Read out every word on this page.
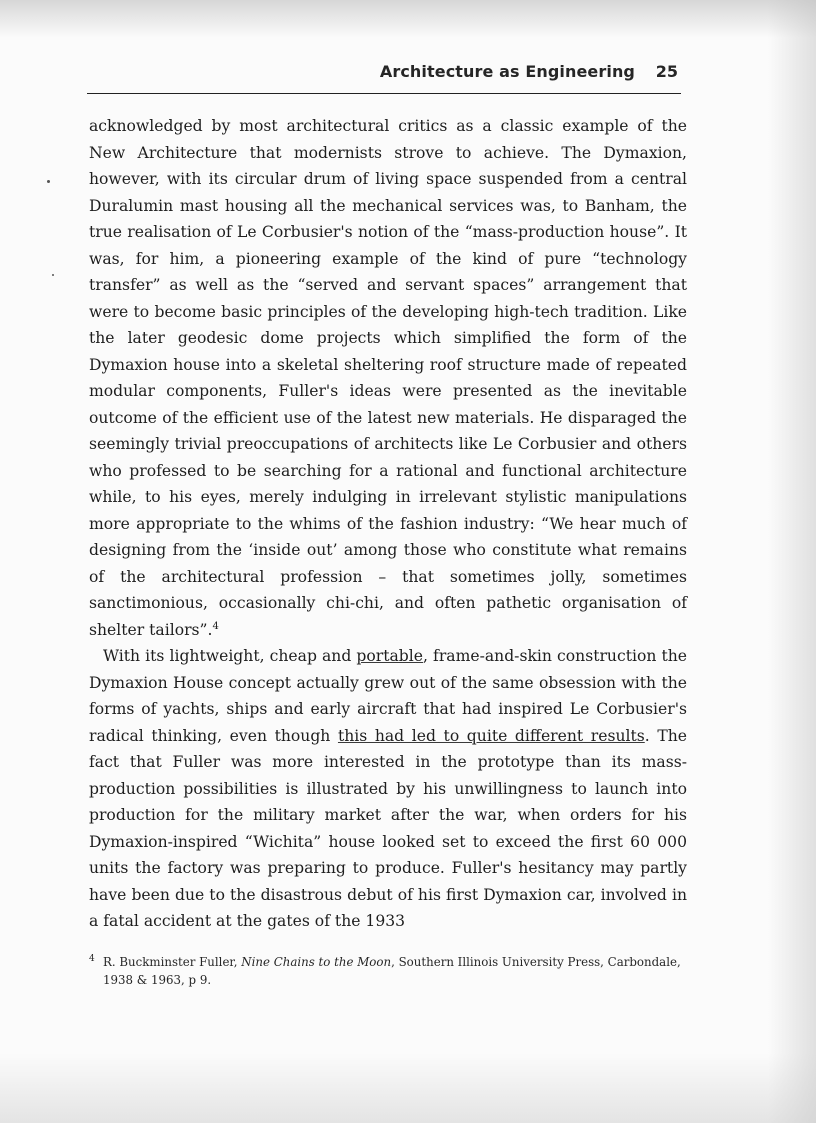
Architecture as Engineering 25

acknowledged by most architectural critics as a classic example of the New Architecture that modernists strove to achieve. The Dymaxion, however, with its circular drum of living space suspended from a central Duralumin mast housing all the mechanical services was, to Banham, the true realisation of Le Corbusier's notion of the “mass-production house”. It was, for him, a pioneering example of the kind of pure “technology transfer” as well as the “served and servant spaces” arrangement that were to become basic principles of the developing high-tech tradition. Like the later geodesic dome projects which simplified the form of the Dymaxion house into a skeletal sheltering roof structure made of repeated modular components, Fuller's ideas were presented as the inevitable outcome of the efficient use of the latest new materials. He disparaged the seemingly trivial preoccupations of architects like Le Corbusier and others who professed to be searching for a rational and functional architecture while, to his eyes, merely indulging in irrelevant stylistic manipulations more appropriate to the whims of the fashion industry: “We hear much of designing from the ‘inside out’ among those who constitute what remains of the architectural profession – that sometimes jolly, sometimes sanctimonious, occasionally chi-chi, and often pathetic organisation of shelter tailors”.$^4$

With its lightweight, cheap and portable, frame-and-skin construction the Dymaxion House concept actually grew out of the same obsession with the forms of yachts, ships and early aircraft that had inspired Le Corbusier's radical thinking, even though this had led to quite different results. The fact that Fuller was more interested in the prototype than its mass-production possibilities is illustrated by his unwillingness to launch into production for the military market after the war, when orders for his Dymaxion-inspired “Wichita” house looked set to exceed the first 60 000 units the factory was preparing to produce. Fuller's hesitancy may partly have been due to the disastrous debut of his first Dymaxion car, involved in a fatal accident at the gates of the 1933

4 R. Buckminster Fuller, Nine Chains to the Moon, Southern Illinois University Press, Carbondale, 1938 & 1963, p 9.
